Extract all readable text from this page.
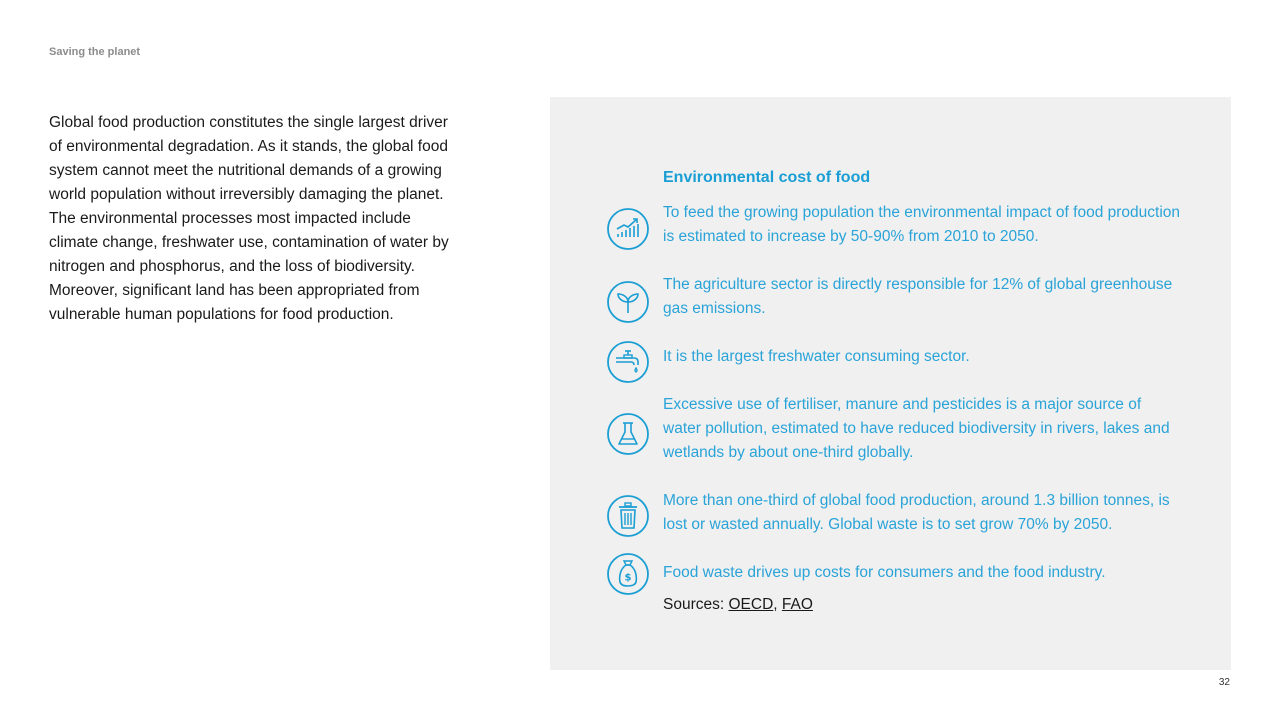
Saving the planet
Global food production constitutes the single largest driver of environmental degradation. As it stands, the global food system cannot meet the nutritional demands of a growing world population without irreversibly damaging the planet. The environmental processes most impacted include climate change, freshwater use, contamination of water by nitrogen and phosphorus, and the loss of biodiversity. Moreover, significant land has been appropriated from vulnerable human populations for food production.
Environmental cost of food
To feed the growing population the environmental impact of food production is estimated to increase by 50-90% from 2010 to 2050.
The agriculture sector is directly responsible for 12% of global greenhouse gas emissions.
It is the largest freshwater consuming sector.
Excessive use of fertiliser, manure and pesticides is a major source of water pollution, estimated to have reduced biodiversity in rivers, lakes and wetlands by about one-third globally.
More than one-third of global food production, around 1.3 billion tonnes, is lost or wasted annually. Global waste is to set grow 70% by 2050.
$ Food waste drives up costs for consumers and the food industry.
Sources: OECD, FAO
32
